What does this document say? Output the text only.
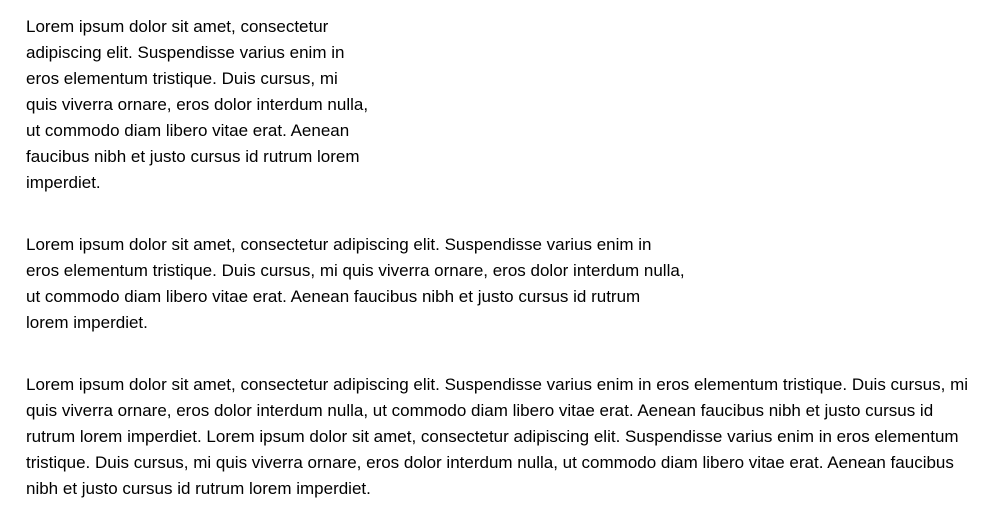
Lorem ipsum dolor sit amet, consectetur adipiscing elit. Suspendisse varius enim in eros elementum tristique. Duis cursus, mi quis viverra ornare, eros dolor interdum nulla, ut commodo diam libero vitae erat. Aenean faucibus nibh et justo cursus id rutrum lorem imperdiet.

Lorem ipsum dolor sit amet, consectetur adipiscing elit. Suspendisse varius enim in eros elementum tristique. Duis cursus, mi quis viverra ornare, eros dolor interdum nulla, ut commodo diam libero vitae erat. Aenean faucibus nibh et justo cursus id rutrum lorem imperdiet.

Lorem ipsum dolor sit amet, consectetur adipiscing elit. Suspendisse varius enim in eros elementum tristique. Duis cursus, mi quis viverra ornare, eros dolor interdum nulla, ut commodo diam libero vitae erat. Aenean faucibus nibh et justo cursus id rutrum lorem imperdiet. Lorem ipsum dolor sit amet, consectetur adipiscing elit. Suspendisse varius enim in eros elementum tristique. Duis cursus, mi quis viverra ornare, eros dolor interdum nulla, ut commodo diam libero vitae erat. Aenean faucibus nibh et justo cursus id rutrum lorem imperdiet.
